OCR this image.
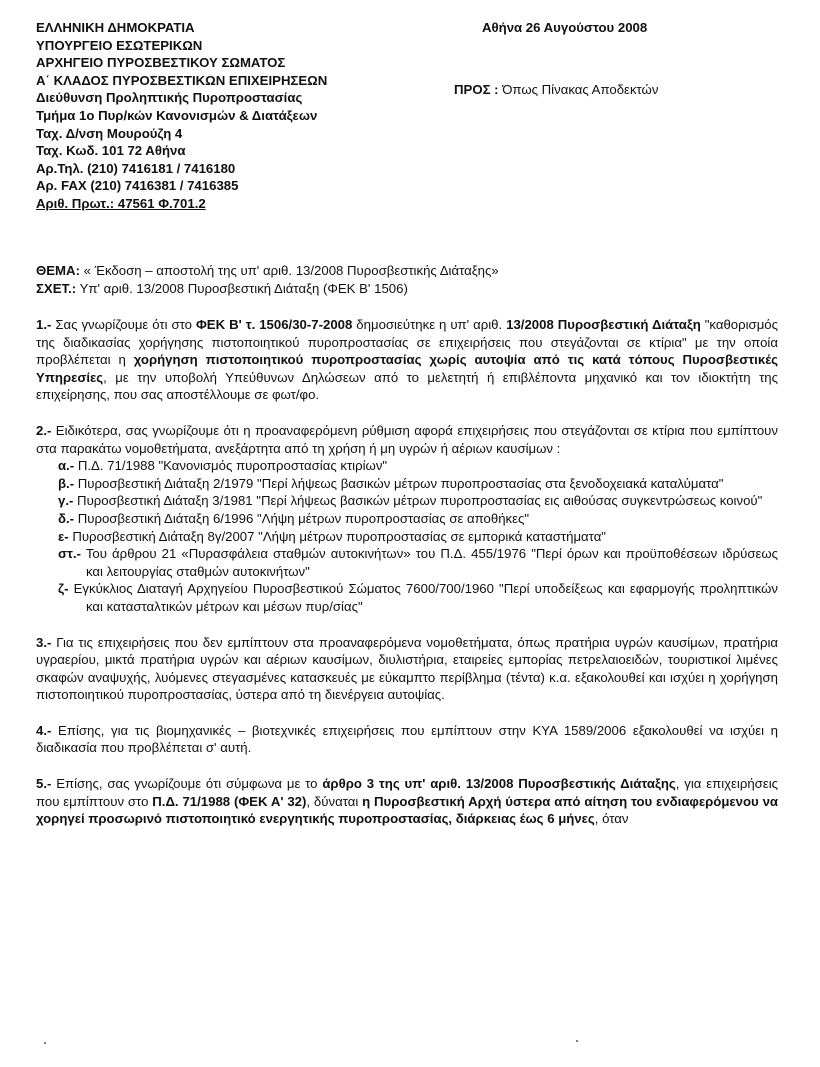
ΕΛΛΗΝΙΚΗ ΔΗΜΟΚΡΑΤΙΑ
ΥΠΟΥΡΓΕΙΟ ΕΣΩΤΕΡΙΚΩΝ
ΑΡΧΗΓΕΙΟ ΠΥΡΟΣΒΕΣΤΙΚΟΥ ΣΩΜΑΤΟΣ
Α΄ ΚΛΑΔΟΣ ΠΥΡΟΣΒΕΣΤΙΚΩΝ ΕΠΙΧΕΙΡΗΣΕΩΝ
Διεύθυνση Προληπτικής Πυροπροστασίας
Τμήμα 1ο Πυρ/κών Κανονισμών & Διατάξεων
Ταχ. Δ/νση Μουρούζη 4
Ταχ. Κωδ. 101 72 Αθήνα
Αρ.Τηλ. (210) 7416181 / 7416180
Αρ. FAX (210) 7416381 / 7416385
Αριθ. Πρωτ.: 47561 Φ.701.2
Αθήνα 26 Αυγούστου 2008
ΠΡΟΣ : Όπως Πίνακας Αποδεκτών
ΘΕΜΑ: « Έκδοση – αποστολή της υπ' αριθ. 13/2008 Πυροσβεστικής Διάταξης»
ΣΧΕΤ.: Υπ' αριθ. 13/2008 Πυροσβεστική Διάταξη (ΦΕΚ Β' 1506)

1.- Σας γνωρίζουμε ότι στο ΦΕΚ Β' τ. 1506/30-7-2008 δημοσιεύτηκε η υπ' αριθ. 13/2008 Πυροσβεστική Διάταξη "καθορισμός της διαδικασίας χορήγησης πιστοποιητικού πυροπροστασίας σε επιχειρήσεις που στεγάζονται σε κτίρια" με την οποία προβλέπεται η χορήγηση πιστοποιητικού πυροπροστασίας χωρίς αυτοψία από τις κατά τόπους Πυροσβεστικές Υπηρεσίες, με την υποβολή Υπεύθυνων Δηλώσεων από το μελετητή ή επιβλέποντα μηχανικό και τον ιδιοκτήτη της επιχείρησης, που σας αποστέλλουμε σε φωτ/φο.

2.- Ειδικότερα, σας γνωρίζουμε ότι η προαναφερόμενη ρύθμιση αφορά επιχειρήσεις που στεγάζονται σε κτίρια που εμπίπτουν στα παρακάτω νομοθετήματα, ανεξάρτητα από τη χρήση ή μη υγρών ή αέριων καυσίμων :
α.- Π.Δ. 71/1988 "Κανονισμός πυροπροστασίας κτιρίων"
β.- Πυροσβεστική Διάταξη 2/1979 "Περί λήψεως βασικών μέτρων πυροπροστασίας στα ξενοδοχειακά καταλύματα"
γ.- Πυροσβεστική Διάταξη 3/1981 "Περί λήψεως βασικών μέτρων πυροπροστασίας εις αιθούσας συγκεντρώσεως κοινού"
δ.- Πυροσβεστική Διάταξη 6/1996 "Λήψη μέτρων πυροπροστασίας σε αποθήκες"
ε- Πυροσβεστική Διάταξη 8γ/2007 "Λήψη μέτρων πυροπροστασίας σε εμπορικά καταστήματα"
στ.- Του άρθρου 21 «Πυρασφάλεια σταθμών αυτοκινήτων» του Π.Δ. 455/1976 "Περί όρων και προϋποθέσεων ιδρύσεως και λειτουργίας σταθμών αυτοκινήτων"
ζ- Εγκύκλιος Διαταγή Αρχηγείου Πυροσβεστικού Σώματος 7600/700/1960 "Περί υποδείξεως και εφαρμογής προληπτικών και κατασταλτικών μέτρων και μέσων πυρ/σίας"

3.- Για τις επιχειρήσεις που δεν εμπίπτουν στα προαναφερόμενα νομοθετήματα, όπως πρατήρια υγρών καυσίμων, πρατήρια υγραερίου, μικτά πρατήρια υγρών και αέριων καυσίμων, διυλιστήρια, εταιρείες εμπορίας πετρελαιοειδών, τουριστικοί λιμένες σκαφών αναψυχής, λυόμενες στεγασμένες κατασκευές με εύκαμπτο περίβλημα (τέντα) κ.α. εξακολουθεί και ισχύει η χορήγηση πιστοποιητικού πυροπροστασίας, ύστερα από τη διενέργεια αυτοψίας.

4.- Επίσης, για τις βιομηχανικές – βιοτεχνικές επιχειρήσεις που εμπίπτουν στην ΚΥΑ 1589/2006 εξακολουθεί να ισχύει η διαδικασία που προβλέπεται σ' αυτή.

5.- Επίσης, σας γνωρίζουμε ότι σύμφωνα με το άρθρο 3 της υπ' αριθ. 13/2008 Πυροσβεστικής Διάταξης, για επιχειρήσεις που εμπίπτουν στο Π.Δ. 71/1988 (ΦΕΚ Α' 32), δύναται η Πυροσβεστική Αρχή ύστερα από αίτηση του ενδιαφερόμενου να χορηγεί προσωρινό πιστοποιητικό ενεργητικής πυροπροστασίας, διάρκειας έως 6 μήνες, όταν
